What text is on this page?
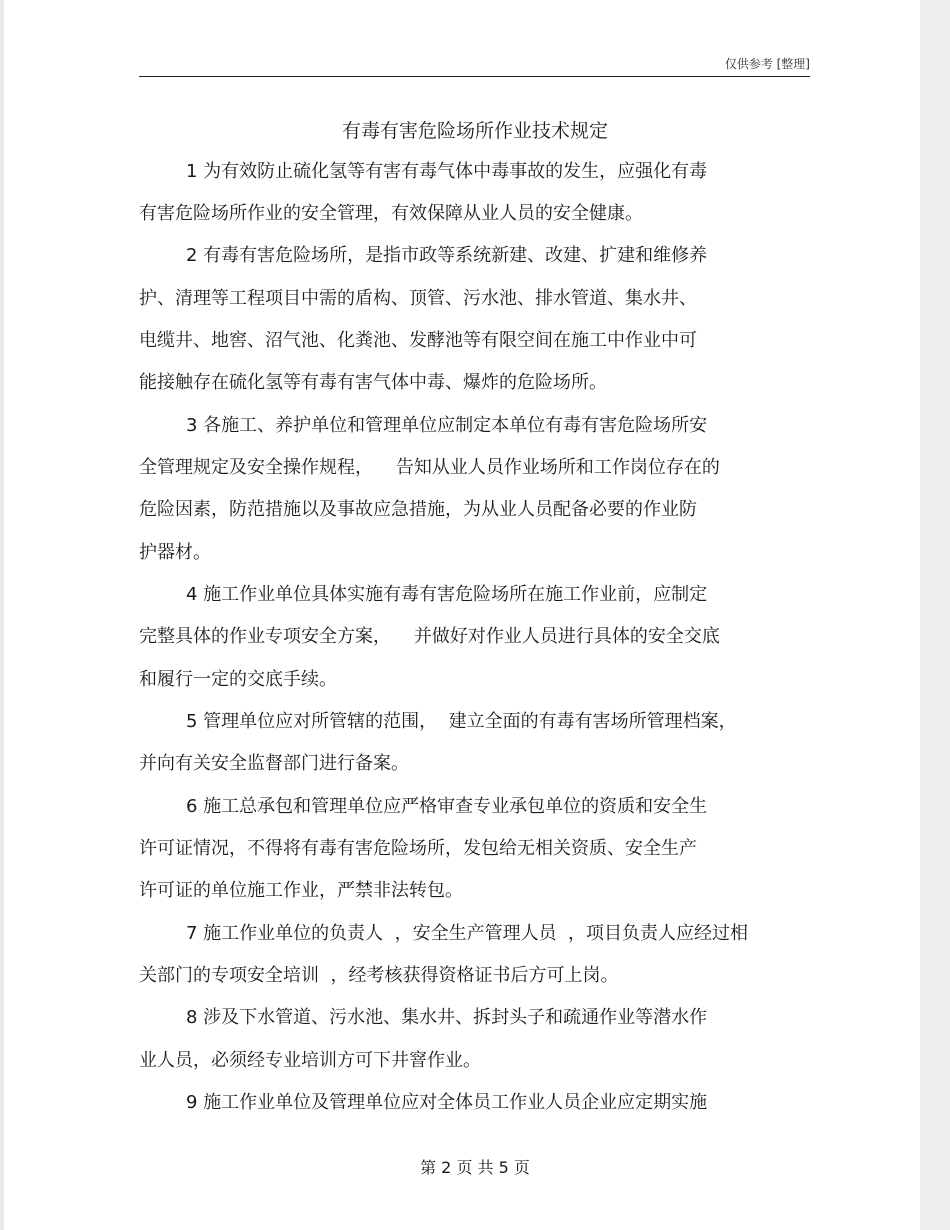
仅供参考 [整理]
有毒有害危险场所作业技术规定
1 为有效防止硫化氢等有害有毒气体中毒事故的发生，应强化有毒
有害危险场所作业的安全管理，有效保障从业人员的安全健康。
2 有毒有害危险场所，是指市政等系统新建、改建、扩建和维修养
护、清理等工程项目中需的盾构、顶管、污水池、排水管道、集水井、
电缆井、地窖、沼气池、化粪池、发酵池等有限空间在施工中作业中可
能接触存在硫化氢等有毒有害气体中毒、爆炸的危险场所。
3 各施工、养护单位和管理单位应制定本单位有毒有害危险场所安
全管理规定及安全操作规程，    告知从业人员作业场所和工作岗位存在的
危险因素，防范措施以及事故应急措施，为从业人员配备必要的作业防
护器材。
4 施工作业单位具体实施有毒有害危险场所在施工作业前，应制定
完整具体的作业专项安全方案，    并做好对作业人员进行具体的安全交底
和履行一定的交底手续。
5 管理单位应对所管辖的范围，  建立全面的有毒有害场所管理档案，
并向有关安全监督部门进行备案。
6 施工总承包和管理单位应严格审查专业承包单位的资质和安全生
许可证情况，不得将有毒有害危险场所，发包给无相关资质、安全生产
许可证的单位施工作业，严禁非法转包。
7 施工作业单位的负责人  ，安全生产管理人员  ，项目负责人应经过相
关部门的专项安全培训  ，经考核获得资格证书后方可上岗。
8 涉及下水管道、污水池、集水井、拆封头子和疏通作业等潜水作
业人员，必须经专业培训方可下井窨作业。
9 施工作业单位及管理单位应对全体员工作业人员企业应定期实施
第 2 页 共 5 页
